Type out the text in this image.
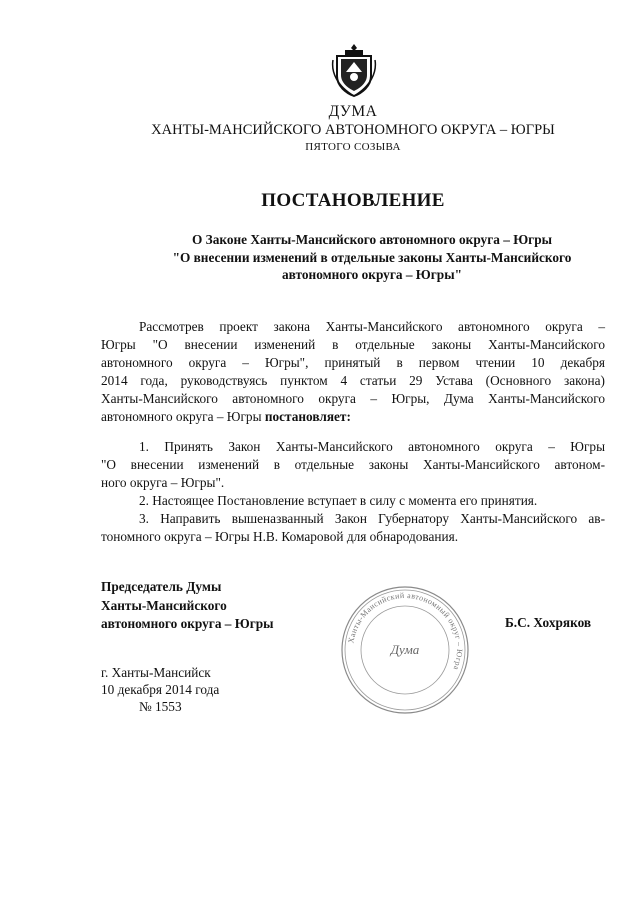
ДУМА
ХАНТЫ-МАНСИЙСКОГО АВТОНОМНОГО ОКРУГА – ЮГРЫ
ПЯТОГО СОЗЫВА
ПОСТАНОВЛЕНИЕ
О Законе Ханты-Мансийского автономного округа – Югры
"О внесении изменений в отдельные законы Ханты-Мансийского
автономного округа – Югры"
Рассмотрев проект закона Ханты-Мансийского автономного округа –
Югры "О внесении изменений в отдельные законы Ханты-Мансийского
автономного округа – Югры", принятый в первом чтении 10 декабря
2014 года, руководствуясь пунктом 4 статьи 29 Устава (Основного закона)
Ханты-Мансийского автономного округа – Югры, Дума Ханты-Мансийского
автономного округа – Югры постановляет:
1. Принять Закон Ханты-Мансийского автономного округа – Югры
"О внесении изменений в отдельные законы Ханты-Мансийского автоном-
ного округа – Югры".
2. Настоящее Постановление вступает в силу с момента его принятия.
3. Направить вышеназванный Закон Губернатору Ханты-Мансийского ав-
тономного округа – Югры Н.В. Комаровой для обнародования.
Председатель Думы
Ханты-Мансийского
автономного округа – Югры	Б.С. Хохряков
Ханты-Мансийский автономный округ – Югра
Дума
г. Ханты-Мансийск
10 декабря 2014 года
№ 1553
